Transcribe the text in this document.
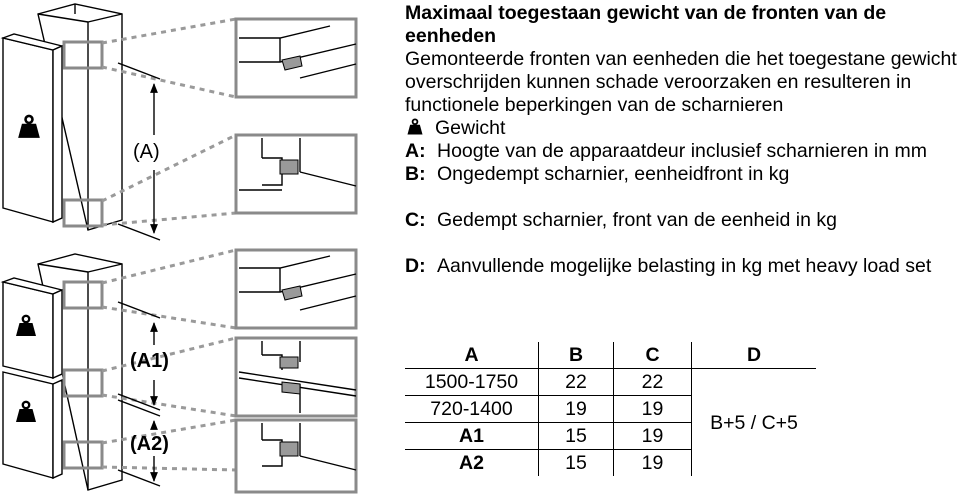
(A)
(A1)
(A2)

Maximaal toegestaan gewicht van de fronten van de eenheden

Gemonteerde fronten van eenheden die het toegestane gewicht overschrijden kunnen schade veroorzaken en resulteren in functionele beperkingen van de scharnieren

Gewicht
A: Hoogte van de apparaatdeur inclusief scharnieren in mm
B: Ongedempt scharnier, eenheidfront in kg
C: Gedempt scharnier, front van de eenheid in kg
D: Aanvullende mogelijke belasting in kg met heavy load set
A	B	C	D
1500-1750	22	22	B+5 / C+5
720-1400	19	19	
A1	15	19	
A2	15	19	
